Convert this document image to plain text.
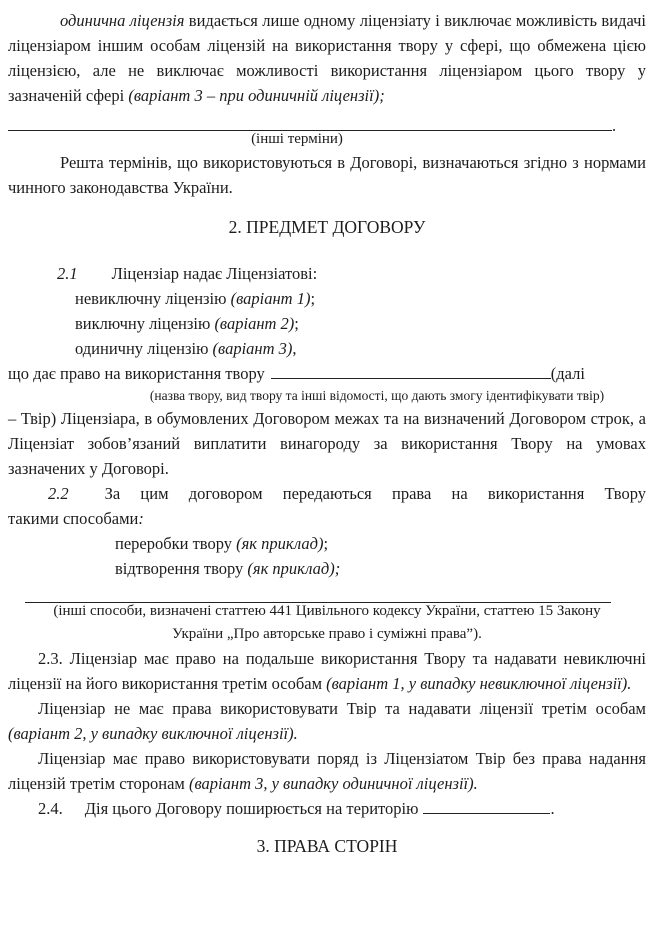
одинична ліцензія видається лише одному ліцензіату і виключає можливість видачі ліцензіаром іншим особам ліцензій на використання твору у сфері, що обмежена цією ліцензією, але не виключає можливості використання ліцензіаром цього твору у зазначеній сфері (варіант 3 – при одиничній ліцензії);

.
(інші терміни)

Решта термінів, що використовуються в Договорі, визначаються згідно з нормами чинного законодавства України.

2. ПРЕДМЕТ ДОГОВОРУ
2.1 Ліцензіар надає Ліцензіатові:
невиключну ліцензію (варіант 1);
виключну ліцензію (варіант 2);
одиничну ліцензію (варіант 3),
що дає право на використання твору	(далі
(назва твору, вид твору та інші відомості, що дають змогу ідентифікувати твір)

– Твір) Ліцензіара, в обумовлених Договором межах та на визначений Договором строк, а Ліцензіат зобов’язаний виплатити винагороду за використання Твору на умовах зазначених у Договорі.

2.2 За цим договором передаються права на використання Твору
такими способами:
переробки твору (як приклад);
відтворення твору (як приклад);
(інші способи, визначені статтею 441 Цивільного кодексу України, статтею 15 Закону
України „Про авторське право і суміжні права”).

2.3. Ліцензіар має право на подальше використання Твору та надавати невиключні ліцензії на його використання третім особам (варіант 1, у випадку невиключної ліцензії).

Ліцензіар не має права використовувати Твір та надавати ліцензії третім особам (варіант 2, у випадку виключної ліцензії).

Ліцензіар має право використовувати поряд із Ліцензіатом Твір без права надання ліцензій третім сторонам (варіант 3, у випадку одиничної ліцензії).

2.4. Дія цього Договору поширюється на територію	.
3. ПРАВА СТОРІН
